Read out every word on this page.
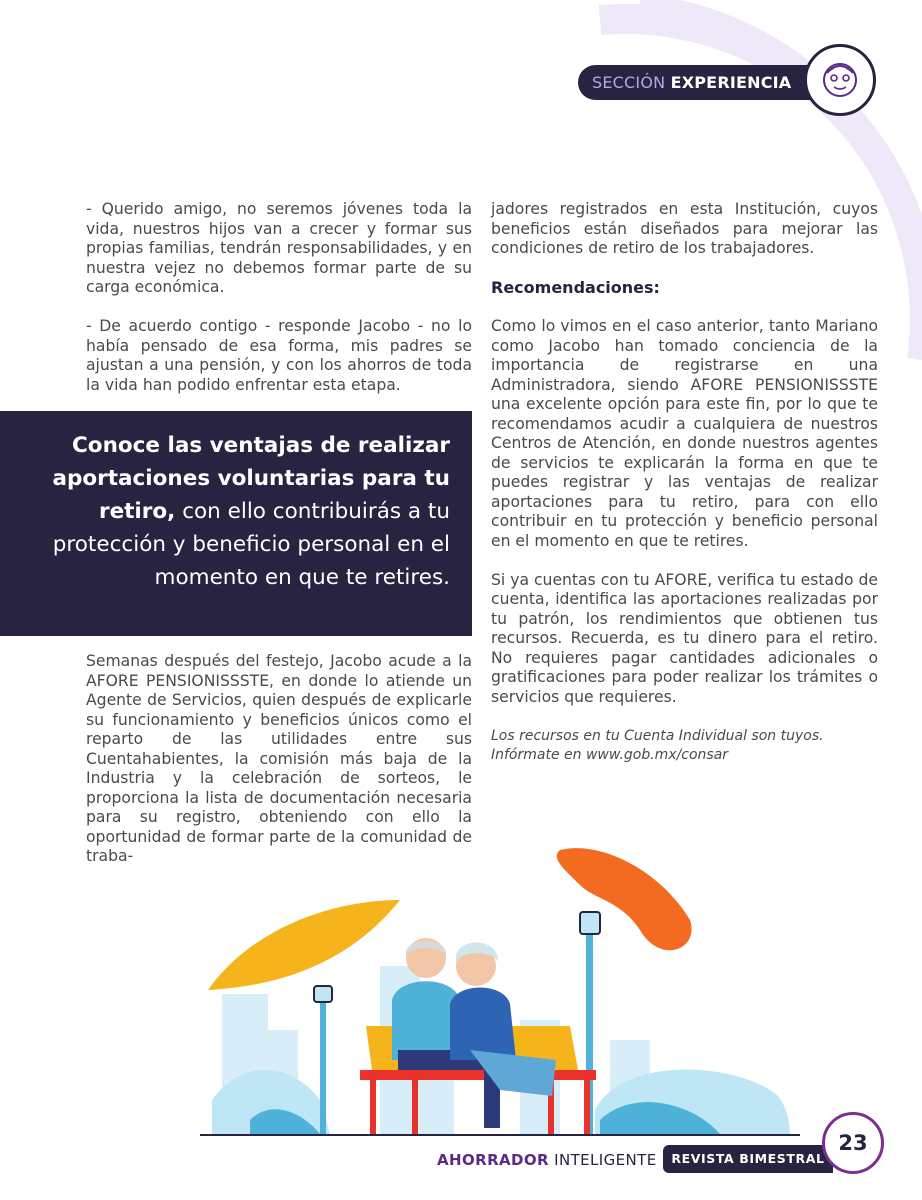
SECCIÓN EXPERIENCIA

- Querido amigo, no seremos jóvenes toda la vida, nuestros hijos van a crecer y formar sus propias familias, tendrán responsabilidades, y en nuestra vejez no debemos formar parte de su carga económica.

- De acuerdo contigo - responde Jacobo - no lo había pensado de esa forma, mis padres se ajustan a una pensión, y con los ahorros de toda la vida han podido enfrentar esta etapa.

Conoce las ventajas de realizar aportaciones voluntarias para tu retiro, con ello contribuirás a tu protección y beneficio personal en el momento en que te retires.

Semanas después del festejo, Jacobo acude a la AFORE PENSIONISSSTE, en donde lo atiende un Agente de Servicios, quien después de explicarle su funcionamiento y beneficios únicos como el reparto de las utilidades entre sus Cuentahabientes, la comisión más baja de la Industria y la celebración de sorteos, le proporciona la lista de documentación necesaria para su registro, obteniendo con ello la oportunidad de formar parte de la comunidad de traba-

jadores registrados en esta Institución, cuyos beneficios están diseñados para mejorar las condiciones de retiro de los trabajadores.

Recomendaciones:

Como lo vimos en el caso anterior, tanto Mariano como Jacobo han tomado conciencia de la importancia de registrarse en una Administradora, siendo AFORE PENSIONISSSTE una excelente opción para este fin, por lo que te recomendamos acudir a cualquiera de nuestros Centros de Atención, en donde nuestros agentes de servicios te explicarán la forma en que te puedes registrar y las ventajas de realizar aportaciones para tu retiro, para con ello contribuir en tu protección y beneficio personal en el momento en que te retires.

Si ya cuentas con tu AFORE, verifica tu estado de cuenta, identifica las aportaciones realizadas por tu patrón, los rendimientos que obtienen tus recursos. Recuerda, es tu dinero para el retiro. No requieres pagar cantidades adicionales o gratificaciones para poder realizar los trámites o servicios que requieres.

Los recursos en tu Cuenta Individual son tuyos.
Infórmate en www.gob.mx/consar
AHORRADOR INTELIGENTE	REVISTA BIMESTRAL
23
